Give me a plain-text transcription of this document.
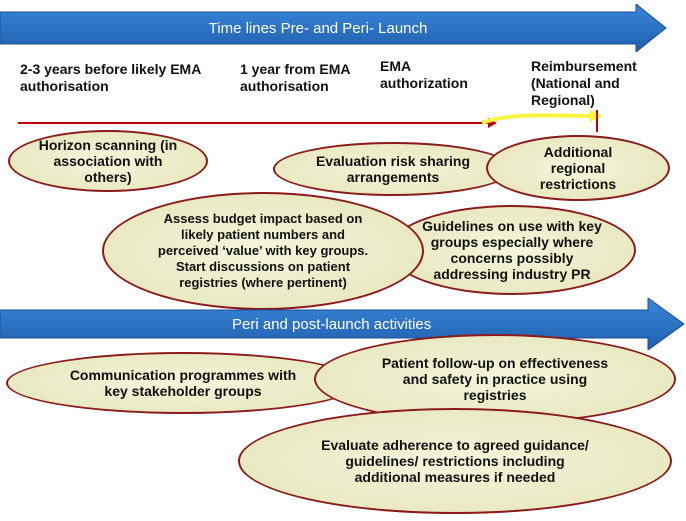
Time lines Pre- and Peri- Launch
2-3 years before likely EMA authorisation
1 year from EMA authorisation
EMA authorization
Reimbursement (National and Regional)
Horizon scanning (in association with others)
Evaluation risk sharing arrangements
Additional regional restrictions
Guidelines on use with key groups especially where concerns possibly addressing industry PR
Assess budget impact based on likely patient numbers and perceived ‘value’ with key groups. Start discussions on patient registries (where pertinent)
Peri and post-launch activities
Communication programmes with key stakeholder groups
Patient follow-up on effectiveness and safety in practice using registries
Evaluate adherence to agreed guidance/ guidelines/ restrictions including additional measures if needed
